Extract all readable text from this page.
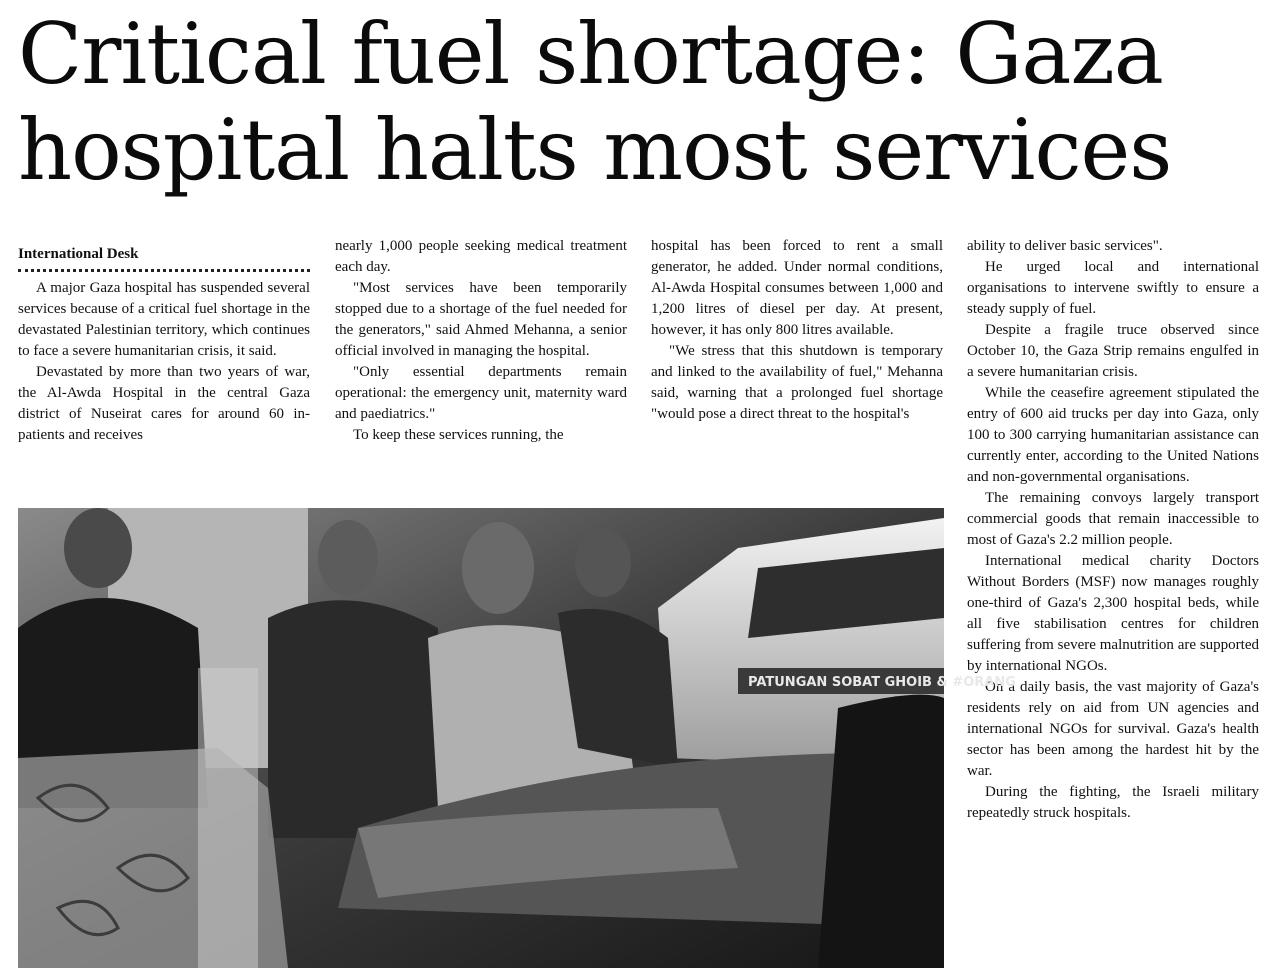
Critical fuel shortage: Gaza hospital halts most services
International Desk

A major Gaza hospital has suspended several services because of a critical fuel shortage in the devastated Palestinian territory, which continues to face a severe humanitarian crisis, it said.

Devastated by more than two years of war, the Al-Awda Hospital in the central Gaza district of Nuseirat cares for around 60 in-patients and receives

nearly 1,000 people seeking medical treatment each day.

"Most services have been temporarily stopped due to a shortage of the fuel needed for the generators," said Ahmed Mehanna, a senior official involved in managing the hospital.

"Only essential departments remain operational: the emergency unit, maternity ward and paediatrics."

To keep these services running, the

hospital has been forced to rent a small generator, he added. Under normal conditions, Al-Awda Hospital consumes between 1,000 and 1,200 litres of diesel per day. At present, however, it has only 800 litres available.

"We stress that this shutdown is temporary and linked to the availability of fuel," Mehanna said, warning that a prolonged fuel shortage "would pose a direct threat to the hospital's

ability to deliver basic services".

He urged local and international organisations to intervene swiftly to ensure a steady supply of fuel.

Despite a fragile truce observed since October 10, the Gaza Strip remains engulfed in a severe humanitarian crisis.

While the ceasefire agreement stipulated the entry of 600 aid trucks per day into Gaza, only 100 to 300 carrying humanitarian assistance can currently enter, according to the United Nations and non-governmental organisations.

The remaining convoys largely transport commercial goods that remain inaccessible to most of Gaza's 2.2 million people.

International medical charity Doctors Without Borders (MSF) now manages roughly one-third of Gaza's 2,300 hospital beds, while all five stabilisation centres for children suffering from severe malnutrition are supported by international NGOs.

On a daily basis, the vast majority of Gaza's residents rely on aid from UN agencies and international NGOs for survival. Gaza's health sector has been among the hardest hit by the war.

During the fighting, the Israeli military repeatedly struck hospitals.

PATUNGAN SOBAT GHOIB & #ORANG
